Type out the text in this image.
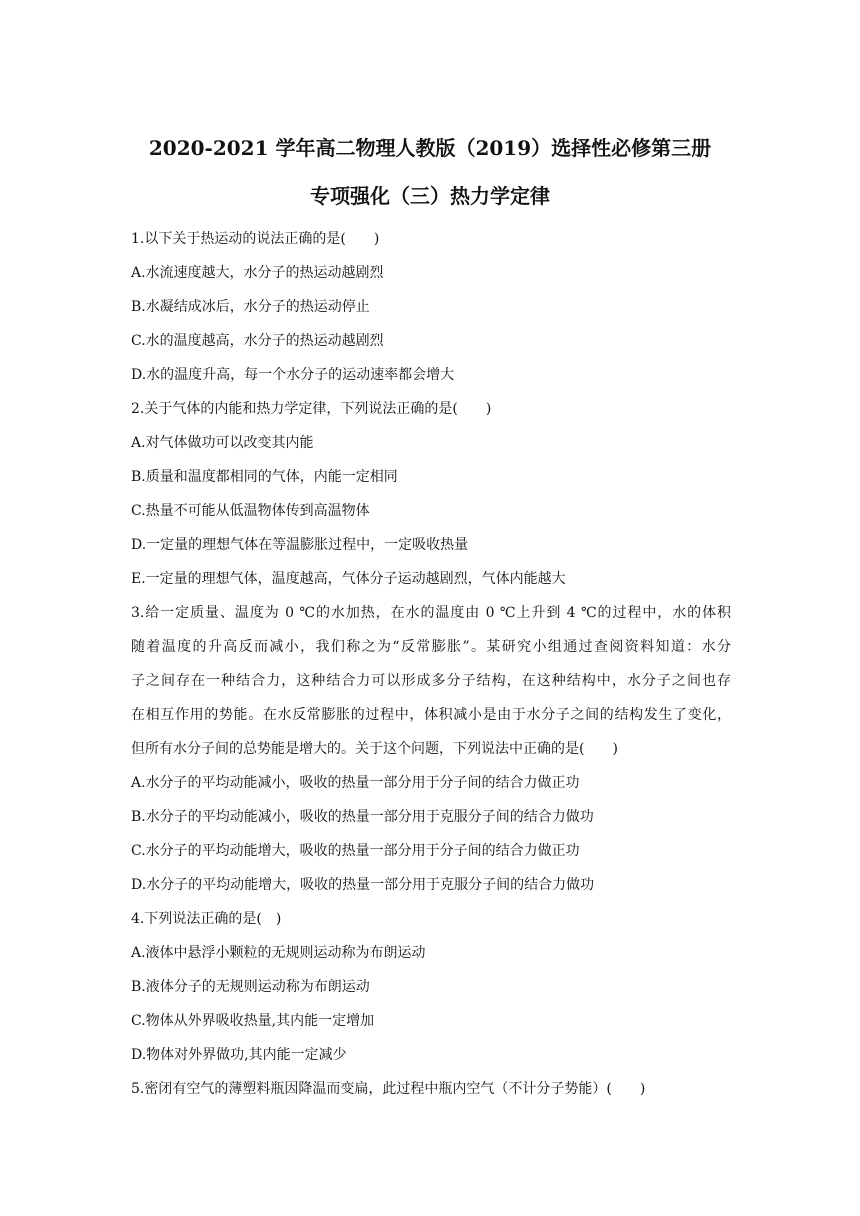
2020-2021 学年高二物理人教版（2019）选择性必修第三册
专项强化（三）热力学定律
1.以下关于热运动的说法正确的是(　　)
A.水流速度越大，水分子的热运动越剧烈
B.水凝结成冰后，水分子的热运动停止
C.水的温度越高，水分子的热运动越剧烈
D.水的温度升高，每一个水分子的运动速率都会增大
2.关于气体的内能和热力学定律，下列说法正确的是(　　)
A.对气体做功可以改变其内能
B.质量和温度都相同的气体，内能一定相同
C.热量不可能从低温物体传到高温物体
D.一定量的理想气体在等温膨胀过程中，一定吸收热量
E.一定量的理想气体，温度越高，气体分子运动越剧烈，气体内能越大
3.给一定质量、温度为 0 ℃的水加热，在水的温度由 0 ℃上升到 4 ℃的过程中，水的体积
随着温度的升高反而减小，我们称之为“反常膨胀”。某研究小组通过查阅资料知道：水分
子之间存在一种结合力，这种结合力可以形成多分子结构，在这种结构中，水分子之间也存
在相互作用的势能。在水反常膨胀的过程中，体积减小是由于水分子之间的结构发生了变化，
但所有水分子间的总势能是增大的。关于这个问题，下列说法中正确的是(　　)
A.水分子的平均动能减小，吸收的热量一部分用于分子间的结合力做正功
B.水分子的平均动能减小，吸收的热量一部分用于克服分子间的结合力做功
C.水分子的平均动能增大，吸收的热量一部分用于分子间的结合力做正功
D.水分子的平均动能增大，吸收的热量一部分用于克服分子间的结合力做功
4.下列说法正确的是(　)
A.液体中悬浮小颗粒的无规则运动称为布朗运动
B.液体分子的无规则运动称为布朗运动
C.物体从外界吸收热量,其内能一定增加
D.物体对外界做功,其内能一定减少
5.密闭有空气的薄塑料瓶因降温而变扁，此过程中瓶内空气（不计分子势能）(　　)
